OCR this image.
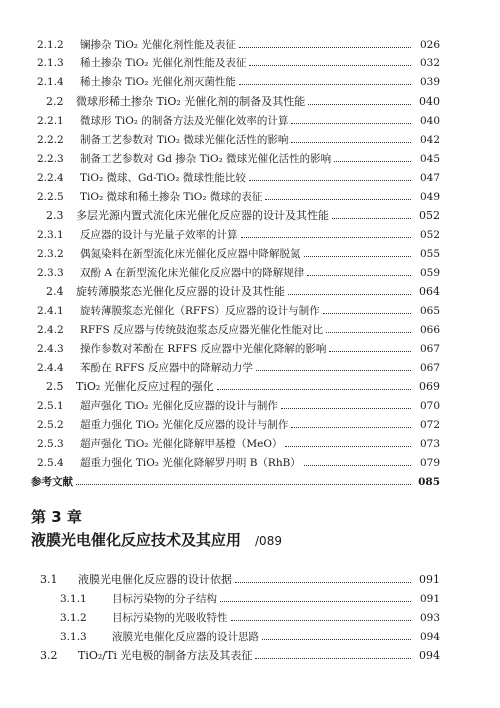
2.1.2	镧掺杂 TiO₂ 光催化剂性能及表征	026
2.1.3	稀土掺杂 TiO₂ 光催化剂性能及表征	032
2.1.4	稀土掺杂 TiO₂ 光催化剂灭菌性能	039
2.2	微球形稀土掺杂 TiO₂ 光催化剂的制备及其性能	040
2.2.1	微球形 TiO₂ 的制备方法及光催化效率的计算	040
2.2.2	制备工艺参数对 TiO₂ 微球光催化活性的影响	042
2.2.3	制备工艺参数对 Gd 掺杂 TiO₂ 微球光催化活性的影响	045
2.2.4	TiO₂ 微球、Gd-TiO₂ 微球性能比较	047
2.2.5	TiO₂ 微球和稀土掺杂 TiO₂ 微球的表征	049
2.3	多层光源内置式流化床光催化反应器的设计及其性能	052
2.3.1	反应器的设计与光量子效率的计算	052
2.3.2	偶氮染料在新型流化床光催化反应器中降解脱氮	055
2.3.3	双酚 A 在新型流化床光催化反应器中的降解规律	059
2.4	旋转薄膜浆态光催化反应器的设计及其性能	064
2.4.1	旋转薄膜浆态光催化（RFFS）反应器的设计与制作	065
2.4.2	RFFS 反应器与传统鼓泡浆态反应器光催化性能对比	066
2.4.3	操作参数对苯酚在 RFFS 反应器中光催化降解的影响	067
2.4.4	苯酚在 RFFS 反应器中的降解动力学	067
2.5	TiO₂ 光催化反应过程的强化	069
2.5.1	超声强化 TiO₂ 光催化反应器的设计与制作	070
2.5.2	超重力强化 TiO₂ 光催化反应器的设计与制作	072
2.5.3	超声强化 TiO₂ 光催化降解甲基橙（MeO）	073
2.5.4	超重力强化 TiO₂ 光催化降解罗丹明 B（RhB）	079
参考文献	085
第 3 章
液膜光电催化反应技术及其应用 /089
3.1	液膜光电催化反应器的设计依据	091
3.1.1	目标污染物的分子结构	091
3.1.2	目标污染物的光吸收特性	093
3.1.3	液膜光电催化反应器的设计思路	094
3.2	TiO₂/Ti 光电极的制备方法及其表征	094
